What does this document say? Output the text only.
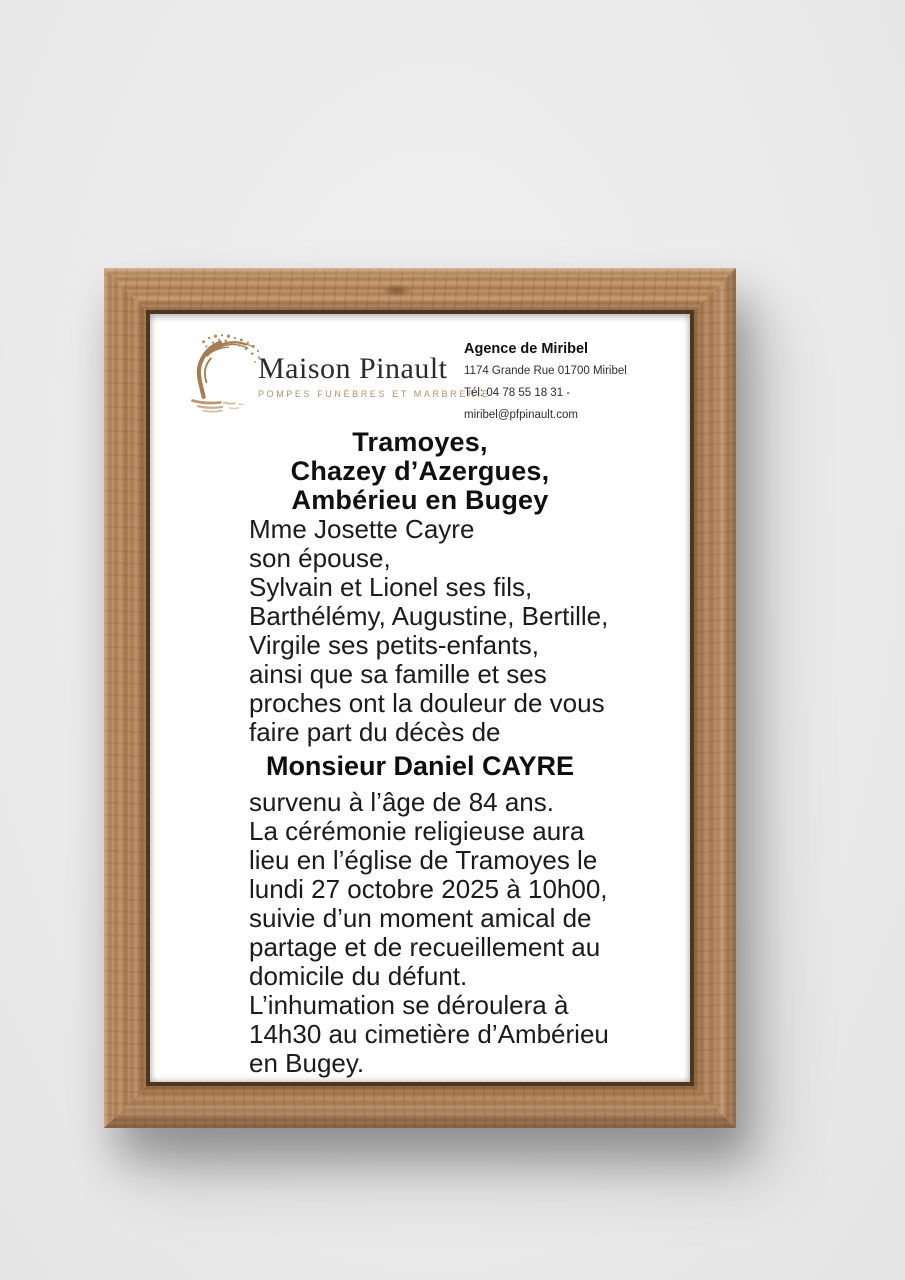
Maison Pinault
POMPES FUNÈBRES ET MARBRERIE
Agence de Miribel
1174 Grande Rue 01700 Miribel
Tél: 04 78 55 18 31 - miribel@pfpinault.com
Tramoyes,
Chazey d’Azergues,
Ambérieu en Bugey
Mme Josette Cayre
son épouse,
Sylvain et Lionel ses fils,
Barthélémy, Augustine, Bertille,
Virgile ses petits-enfants,
ainsi que sa famille et ses
proches ont la douleur de vous
faire part du décès de
Monsieur Daniel CAYRE
survenu à l’âge de 84 ans.
La cérémonie religieuse aura
lieu en l’église de Tramoyes le
lundi 27 octobre 2025 à 10h00,
suivie d’un moment amical de
partage et de recueillement au
domicile du défunt.
L’inhumation se déroulera à
14h30 au cimetière d’Ambérieu
en Bugey.
